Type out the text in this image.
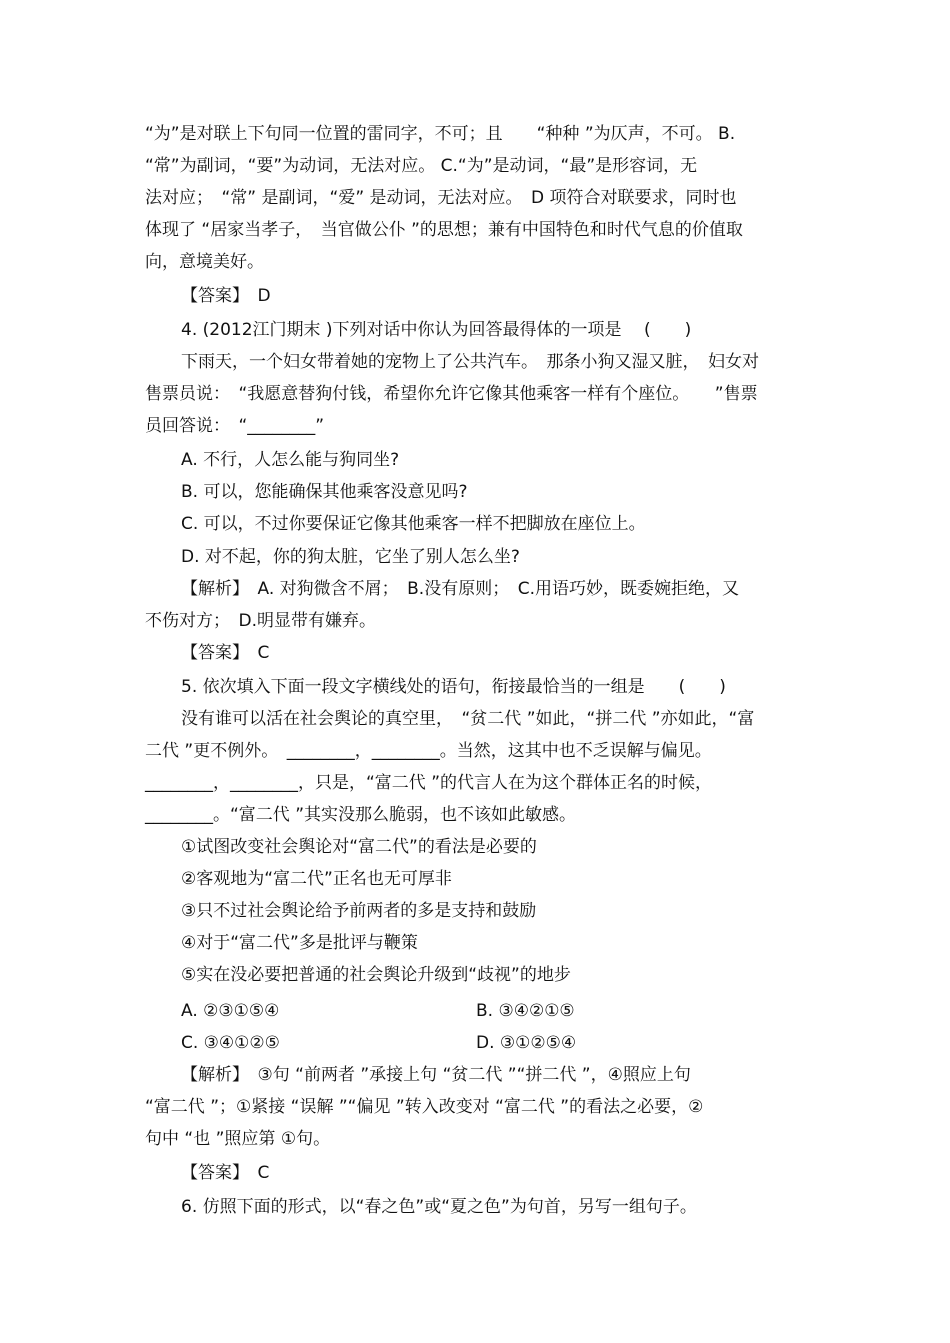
“为”是对联上下句同一位置的雷同字，不可；且　　“种种 ”为仄声，不可。 B.
“常”为副词，“要”为动词，无法对应。 C.“为”是动词，“最”是形容词，无
法对应；　“常” 是副词，“爱” 是动词，无法对应。　D 项符合对联要求，同时也
体现了 “居家当孝子，　当官做公仆 ”的思想；兼有中国特色和时代气息的价值取
向，意境美好。
【答案】　D
4. (2012江门期末 )下列对话中你认为回答最得体的一项是　 (　　)
下雨天，一个妇女带着她的宠物上了公共汽车。　那条小狗又湿又脏，　妇女对
售票员说：　“我愿意替狗付钱，希望你允许它像其他乘客一样有个座位。　　”售票
员回答说：　“________”
A. 不行，人怎么能与狗同坐?
B. 可以，您能确保其他乘客没意见吗?
C. 可以，不过你要保证它像其他乘客一样不把脚放在座位上。
D. 对不起，你的狗太脏，它坐了别人怎么坐?
【解析】　A. 对狗微含不屑；　B.没有原则；　C.用语巧妙，既委婉拒绝，又
不伤对方；　D.明显带有嫌弃。
【答案】　C
5. 依次填入下面一段文字横线处的语句，衔接最恰当的一组是　　(　　)
没有谁可以活在社会舆论的真空里，　“贫二代 ”如此，“拼二代 ”亦如此，“富
二代 ”更不例外。　________，________。当然，这其中也不乏误解与偏见。
________，________，只是，“富二代 ”的代言人在为这个群体正名的时候，
________。“富二代 ”其实没那么脆弱，也不该如此敏感。
①试图改变社会舆论对“富二代”的看法是必要的
②客观地为“富二代”正名也无可厚非
③只不过社会舆论给予前两者的多是支持和鼓励
④对于“富二代”多是批评与鞭策
⑤实在没必要把普通的社会舆论升级到“歧视”的地步
A. ②③①⑤④	B. ③④②①⑤
C. ③④①②⑤	D. ③①②⑤④
【解析】　③句 “前两者 ”承接上句 “贫二代 ”“拼二代 ”，④照应上句
“富二代 ”；①紧接 “误解 ”“偏见 ”转入改变对 “富二代 ”的看法之必要，②
句中 “也 ”照应第 ①句。
【答案】　C
6. 仿照下面的形式，以“春之色”或“夏之色”为句首，另写一组句子。
